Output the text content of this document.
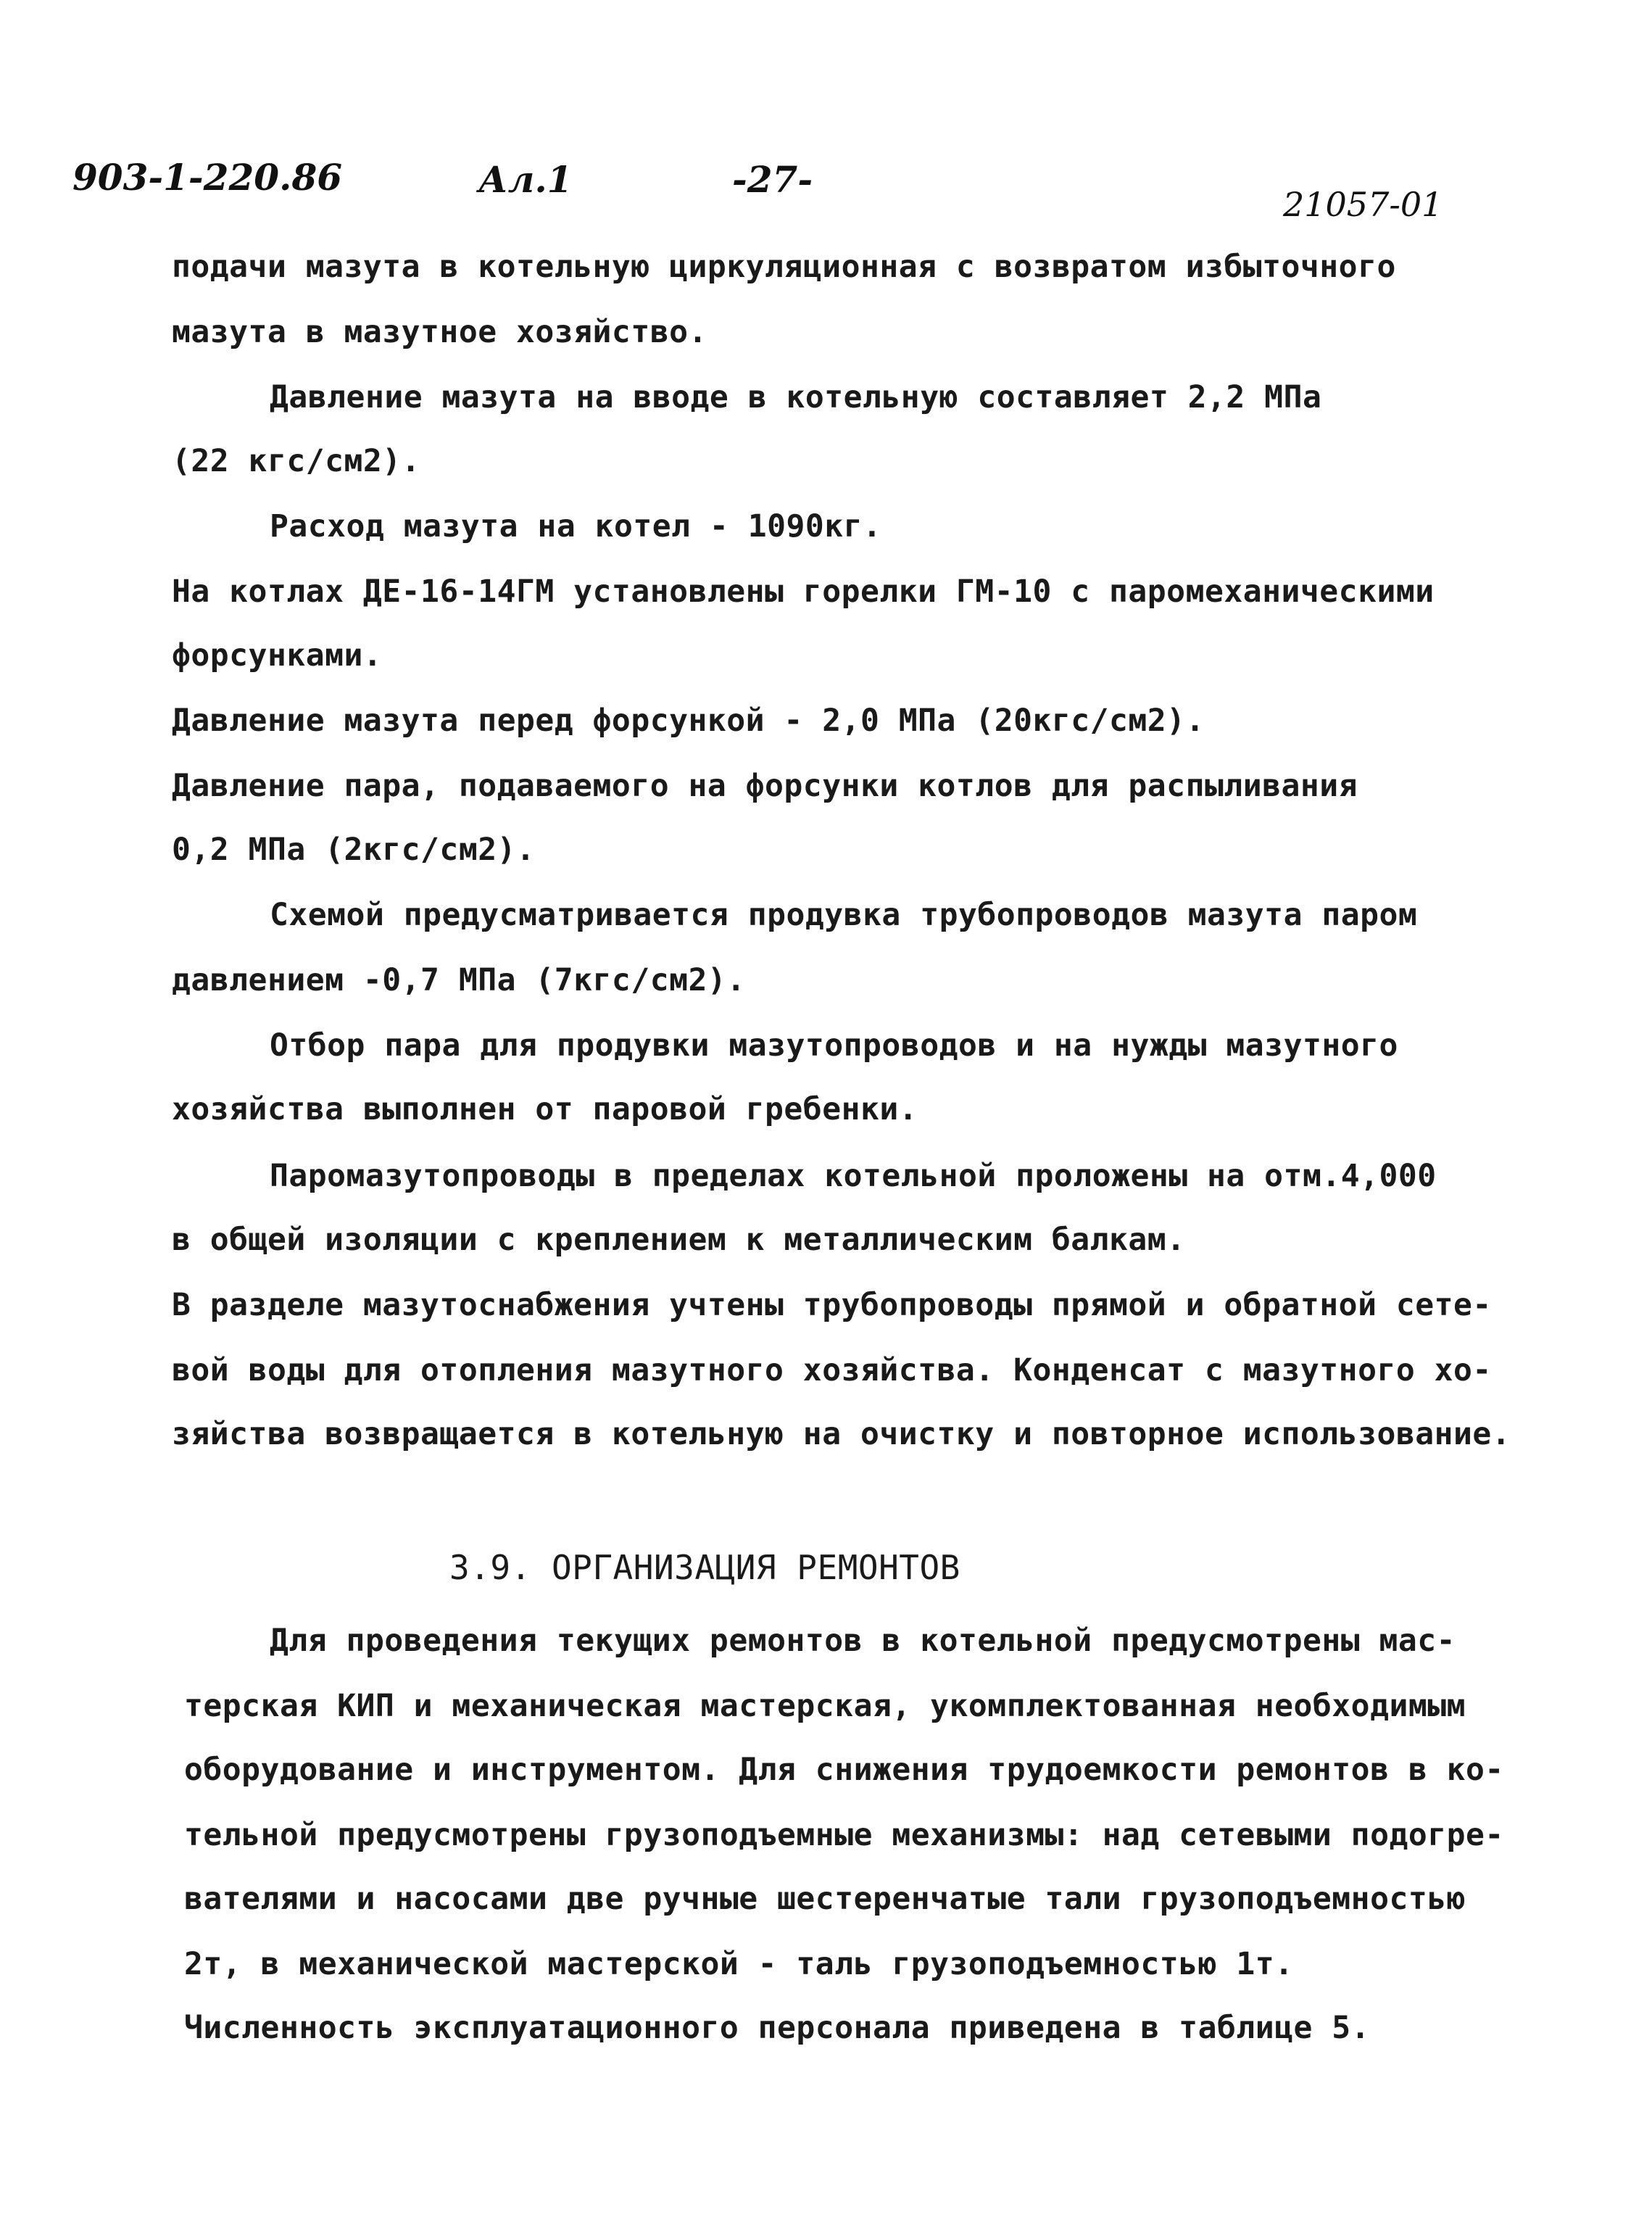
903-1-220.86	Ал.1	-27-
21057-01
подачи мазута в котельную циркуляционная с возвратом избыточного
мазута в мазутное хозяйство.
Давление мазута на вводе в котельную составляет 2,2 МПа
(22 кгс/см2).
Расход мазута на котел - 1090кг.
На котлах ДЕ-16-14ГМ установлены горелки ГМ-10 с паромеханическими
форсунками.
Давление мазута перед форсункой - 2,0 МПа (20кгс/см2).
Давление пара, подаваемого на форсунки котлов для распыливания
0,2 МПа (2кгс/см2).
Схемой предусматривается продувка трубопроводов мазута паром
давлением -0,7 МПа (7кгс/см2).
Отбор пара для продувки мазутопроводов и на нужды мазутного
хозяйства выполнен от паровой гребенки.
Паромазутопроводы в пределах котельной проложены на отм.4,000
в общей изоляции с креплением к металлическим балкам.
В разделе мазутоснабжения учтены трубопроводы прямой и обратной сете-
вой воды для отопления мазутного хозяйства. Конденсат с мазутного хо-
зяйства возвращается в котельную на очистку и повторное использование.
3.9. ОРГАНИЗАЦИЯ РЕМОНТОВ
Для проведения текущих ремонтов в котельной предусмотрены мас-
терская КИП и механическая мастерская, укомплектованная необходимым
оборудование и инструментом. Для снижения трудоемкости ремонтов в ко-
тельной предусмотрены грузоподъемные механизмы: над сетевыми подогре-
вателями и насосами две ручные шестеренчатые тали грузоподъемностью
2т, в механической мастерской - таль грузоподъемностью 1т.
Численность эксплуатационного персонала приведена в таблице 5.
